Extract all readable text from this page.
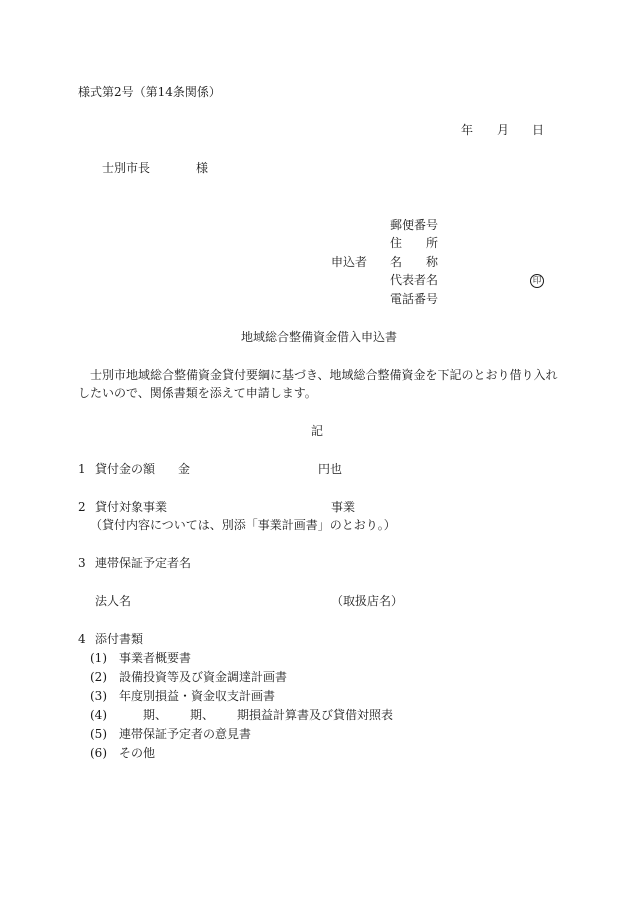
様式第2号（第14条関係）
年 月 日
士別市長	様
郵便番号
住　　所
申込者 名　　称
代表者名	印
電話番号
地域総合整備資金借入申込書
士別市地域総合整備資金貸付要綱に基づき、地域総合整備資金を下記のとおり借り入れ
したいので、関係書類を添えて申請します。
記
1 貸付金の額 金	円也
2 貸付対象事業	事業
（貸付内容については、別添「事業計画書」のとおり。）
3 連帯保証予定者名
法人名	（取扱店名）
4 添付書類
(1) 事業者概要書
(2) 設備投資等及び資金調達計画書
(3) 年度別損益・資金収支計画書
(4)	期、 期、 期損益計算書及び貸借対照表
(5) 連帯保証予定者の意見書
(6) その他
